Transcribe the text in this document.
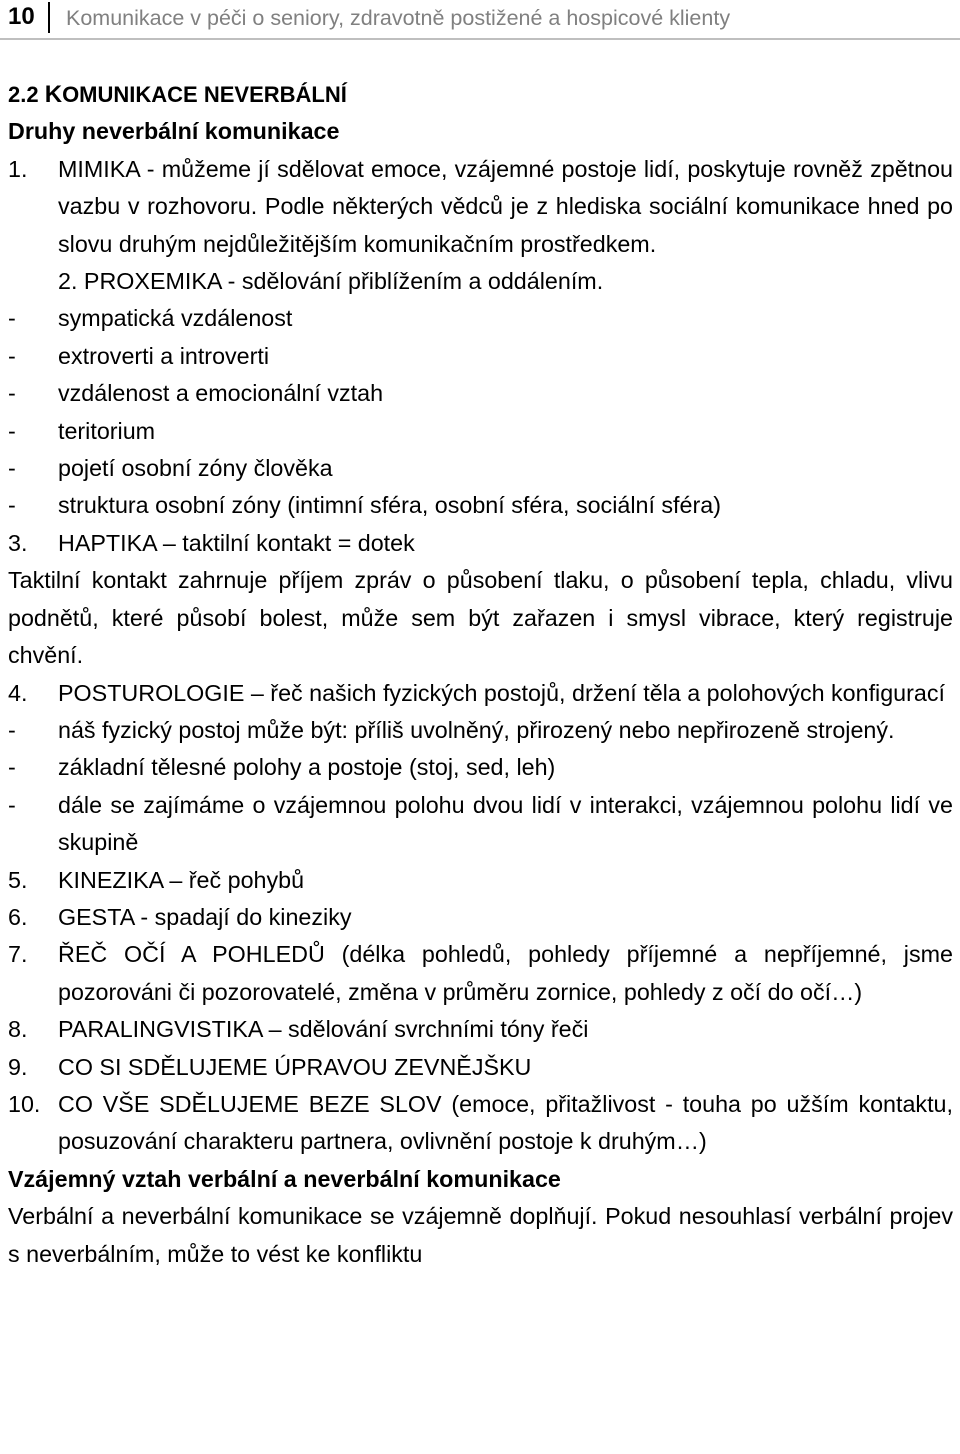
10 Komunikace v péči o seniory, zdravotně postižené a hospicové klienty

2.2 KOMUNIKACE NEVERBÁLNÍ

Druhy neverbální komunikace

1.	MIMIKA - můžeme jí sdělovat emoce, vzájemné postoje lidí, poskytuje rovněž zpětnou vazbu v rozhovoru. Podle některých vědců je z hlediska sociální komunikace hned po slovu druhým nejdůležitějším komunikačním prostředkem.
2. PROXEMIKA - sdělování přiblížením a oddálením.
-	sympatická vzdálenost
-	extroverti a introverti
-	vzdálenost a emocionální vztah
-	teritorium
-	pojetí osobní zóny člověka
-	struktura osobní zóny (intimní sféra, osobní sféra, sociální sféra)
3.	HAPTIKA – taktilní kontakt = dotek

Taktilní kontakt zahrnuje příjem zpráv o působení tlaku, o působení tepla, chladu, vlivu podnětů, které působí bolest, může sem být zařazen i smysl vibrace, který registruje chvění.

4.	POSTUROLOGIE – řeč našich fyzických postojů, držení těla a polohových konfigurací
-	náš fyzický postoj může být: příliš uvolněný, přirozený nebo nepřirozeně strojený.
-	základní tělesné polohy a postoje (stoj, sed, leh)
-	dále se zajímáme o vzájemnou polohu dvou lidí v interakci, vzájemnou polohu lidí ve skupině
5.	KINEZIKA – řeč pohybů
6.	GESTA - spadají do kineziky
7.	ŘEČ OČÍ A POHLEDŮ (délka pohledů, pohledy příjemné a nepříjemné, jsme pozorováni či pozorovatelé, změna v průměru zornice, pohledy z očí do očí…)
8.	PARALINGVISTIKA – sdělování svrchními tóny řeči
9.	CO SI SDĚLUJEME ÚPRAVOU ZEVNĚJŠKU
10. CO VŠE SDĚLUJEME BEZE SLOV (emoce, přitažlivost - touha po užším kontaktu, posuzování charakteru partnera, ovlivnění postoje k druhým…)

Vzájemný vztah verbální a neverbální komunikace

Verbální a neverbální komunikace se vzájemně doplňují. Pokud nesouhlasí verbální projev s neverbálním, může to vést ke konfliktu
